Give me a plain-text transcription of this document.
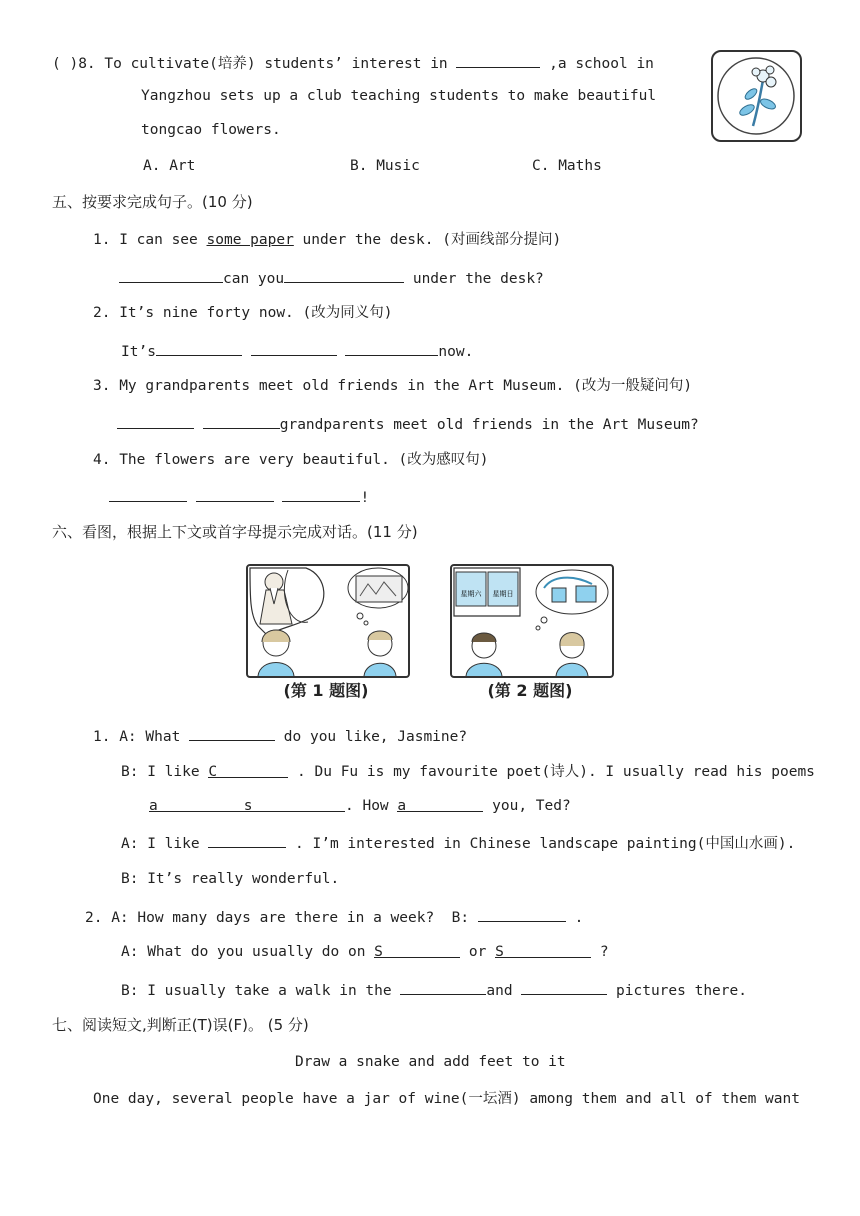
( )8. To cultivate(培养) students’ interest in	,a school in
Yangzhou sets up a club teaching students to make beautiful
tongcao flowers.
A. Art	B. Music	C. Maths
五、按要求完成句子。(10 分)
1. I can see some paper under the desk. (对画线部分提问)
can you	under the desk?
2. It’s nine forty now. (改为同义句)
It’s	now.
3. My grandparents meet old friends in the Art Museum. (改为一般疑问句)
grandparents meet old friends in the Art Museum?
4. The flowers are very beautiful. (改为感叹句)
!
六、看图，根据上下文或首字母提示完成对话。(11 分)
(第 1 题图)
星期六 星期日
(第 2 题图)
1. A: What	do you like, Jasmine?
B: I like C	. Du Fu is my favourite poet(诗人). I usually read his poems
a	s	. How a	you, Ted?
A: I like	. I’m interested in Chinese landscape painting(中国山水画).
B: It’s really wonderful.
2. A: How many days are there in a week? B:	.
A: What do you usually do on S	or S	?
B: I usually take a walk in the	and	pictures there.
七、阅读短文,判断正(T)误(F)。 (5 分)
Draw a snake and add feet to it
One day, several people have a jar of wine(一坛酒) among them and all of them want
